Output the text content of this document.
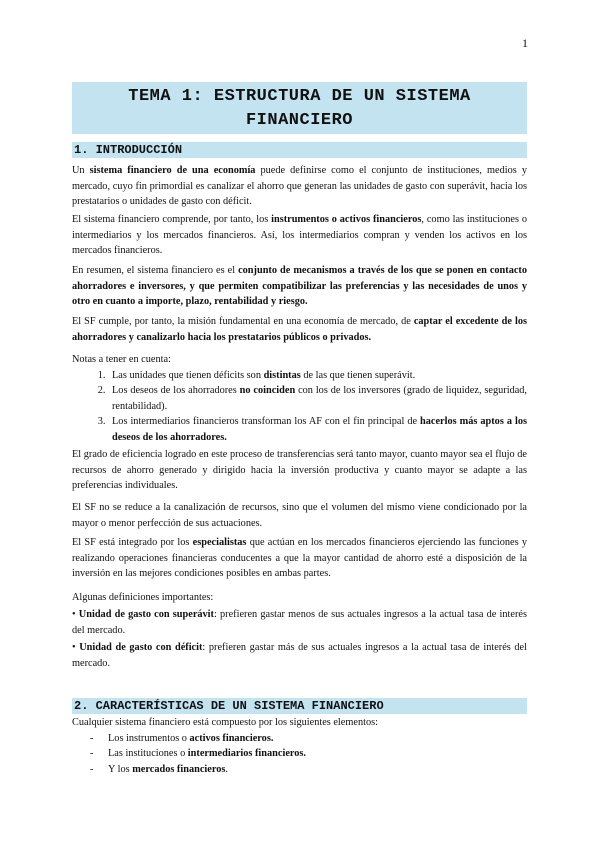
1
TEMA 1: ESTRUCTURA DE UN SISTEMA
FINANCIERO
1. INTRODUCCIÓN
Un sistema financiero de una economía puede definirse como el conjunto de instituciones, medios y mercado, cuyo fin primordial es canalizar el ahorro que generan las unidades de gasto con superávit, hacia los prestatarios o unidades de gasto con déficit.
El sistema financiero comprende, por tanto, los instrumentos o activos financieros, como las instituciones o intermediarios y los mercados financieros. Así, los intermediarios compran y venden los activos en los mercados financieros.
En resumen, el sistema financiero es el conjunto de mecanismos a través de los que se ponen en contacto ahorradores e inversores, y que permiten compatibilizar las preferencias y las necesidades de unos y otro en cuanto a importe, plazo, rentabilidad y riesgo.
El SF cumple, por tanto, la misión fundamental en una economía de mercado, de captar el excedente de los ahorradores y canalizarlo hacia los prestatarios públicos o privados.
Notas a tener en cuenta:
1. Las unidades que tienen déficits son distintas de las que tienen superávit.
2. Los deseos de los ahorradores no coinciden con los de los inversores (grado de liquidez, seguridad, rentabilidad).
3. Los intermediarios financieros transforman los AF con el fin principal de hacerlos más aptos a los deseos de los ahorradores.
El grado de eficiencia logrado en este proceso de transferencias será tanto mayor, cuanto mayor sea el flujo de recursos de ahorro generado y dirigido hacia la inversión productiva y cuanto mayor se adapte a las preferencias individuales.
El SF no se reduce a la canalización de recursos, sino que el volumen del mismo viene condicionado por la mayor o menor perfección de sus actuaciones.
El SF está integrado por los especialistas que actúan en los mercados financieros ejerciendo las funciones y realizando operaciones financieras conducentes a que la mayor cantidad de ahorro esté a disposición de la inversión en las mejores condiciones posibles en ambas partes.
Algunas definiciones importantes:
• Unidad de gasto con superávit: prefieren gastar menos de sus actuales ingresos a la actual tasa de interés del mercado.
• Unidad de gasto con déficit: prefieren gastar más de sus actuales ingresos a la actual tasa de interés del mercado.
2. CARACTERÍSTICAS DE UN SISTEMA FINANCIERO
Cualquier sistema financiero está compuesto por los siguientes elementos:
- Los instrumentos o activos financieros.
- Las instituciones o intermediarios financieros.
- Y los mercados financieros.
